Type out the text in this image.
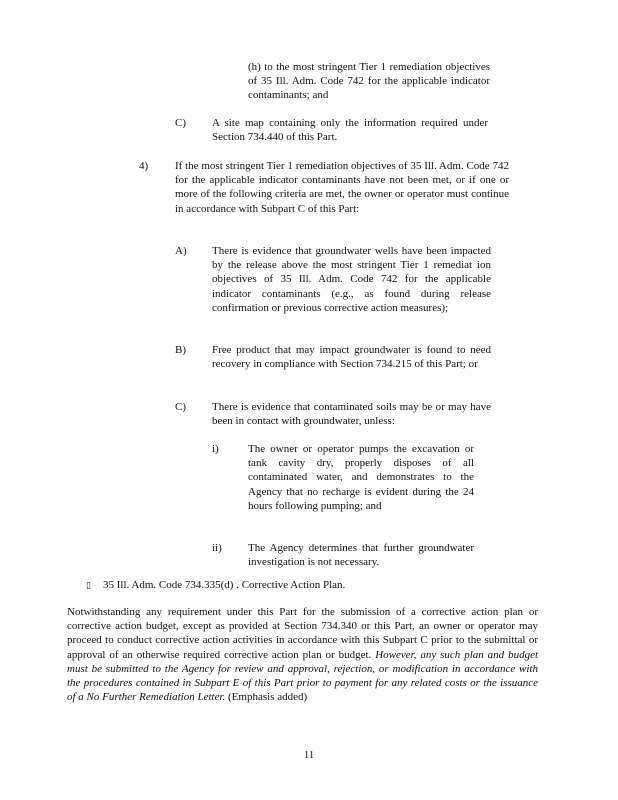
(h) to the most stringent Tier 1 remediation objectives of 35 Ill. Adm. Code 742 for the applicable indicator contaminants; and

C) A site map containing only the information required under Section 734.440 of this Part.

4) If the most stringent Tier 1 remediation objectives of 35 Ill. Adm. Code 742 for the applicable indicator contaminants have not been met, or if one or more of the following criteria are met, the owner or operator must continue in accordance with Subpart C of this Part:

A) There is evidence that groundwater wells have been impacted by the release above the most stringent Tier 1 remediat ion objectives of 35 Ill. Adm. Code 742 for the applicable indicator contaminants (e.g., as found during release confirmation or previous corrective action measures);

B) Free product that may impact groundwater is found to need recovery in compliance with Section 734.215 of this Part; or

C) There is evidence that contaminated soils may be or may have been in contact with groundwater, unless:

i)	The owner or operator pumps the excavation or tank cavity dry, properly disposes of all contaminated water, and demonstrates to the Agency that no recharge is evident during the 24 hours following pumping; and

ii) The Agency determines that further groundwater investigation is not necessary.

▯ 35 Ill. Adm. Code 734.335(d) . Corrective Action Plan.

Notwithstanding any requirement under this Part for the submission of a corrective action plan or corrective action budget, except as provided at Section 734.340 or this Part, an owner or operator may proceed to conduct corrective action activities in accordance with this Subpart C prior to the submittal or approval of an otherwise required corrective action plan or budget. However, any such plan and budget must be submitted to the Agency for review and approval, rejection, or modification in accordance with the procedures contained in Subpart E of this Part prior to payment for any related costs or the issuance of a No Further Remediation Letter. (Emphasis added)

11
